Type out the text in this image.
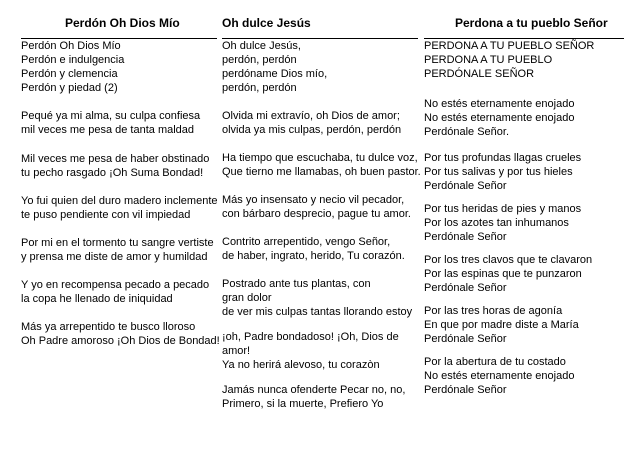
Perdón Oh Dios Mío	Oh dulce Jesús	Perdona a tu pueblo Señor
Perdón Oh Dios Mío
Perdón e indulgencia
Perdón y clemencia
Perdón y piedad (2)
Pequé ya mi alma, su culpa confiesa
mil veces me pesa de tanta maldad
Mil veces me pesa de haber obstinado
tu pecho rasgado ¡Oh Suma Bondad!
Yo fui quien del duro madero inclemente
te puso pendiente con vil impiedad
Por mi en el tormento tu sangre vertiste
y prensa me diste de amor y humildad
Y yo en recompensa pecado a pecado
la copa he llenado de iniquidad
Más ya arrepentido te busco lloroso
Oh Padre amoroso ¡Oh Dios de Bondad!
Oh dulce Jesús,
perdón, perdón
perdóname Dios mío,
perdón, perdón
Olvida mi extravío, oh Dios de amor;
olvida ya mis culpas, perdón, perdón
Ha tiempo que escuchaba, tu dulce voz,
Que tierno me llamabas, oh buen pastor.
Más yo insensato y necio vil pecador,
con bárbaro desprecio, pague tu amor.
Contrito arrepentido, vengo Señor,
de haber, ingrato, herido, Tu corazón.
Postrado ante tus plantas, con gran dolor
de ver mis culpas tantas llorando estoy
¡oh, Padre bondadoso! ¡Oh, Dios de amor!
Ya no herirá alevoso, tu corazòn
Jamás nunca ofenderte Pecar no, no,
Primero, si la muerte, Prefiero Yo
PERDONA A TU PUEBLO SEÑOR
PERDONA A TU PUEBLO
PERDÓNALE SEÑOR
No estés eternamente enojado
No estés eternamente enojado
Perdónale Señor.
Por tus profundas llagas crueles
Por tus salivas y por tus hieles
Perdónale Señor
Por tus heridas de pies y manos
Por los azotes tan inhumanos
Perdónale Señor
Por los tres clavos que te clavaron
Por las espinas que te punzaron
Perdónale Señor
Por las tres horas de agonía
En que por madre diste a María
Perdónale Señor
Por la abertura de tu costado
No estés eternamente enojado
Perdónale Señor
